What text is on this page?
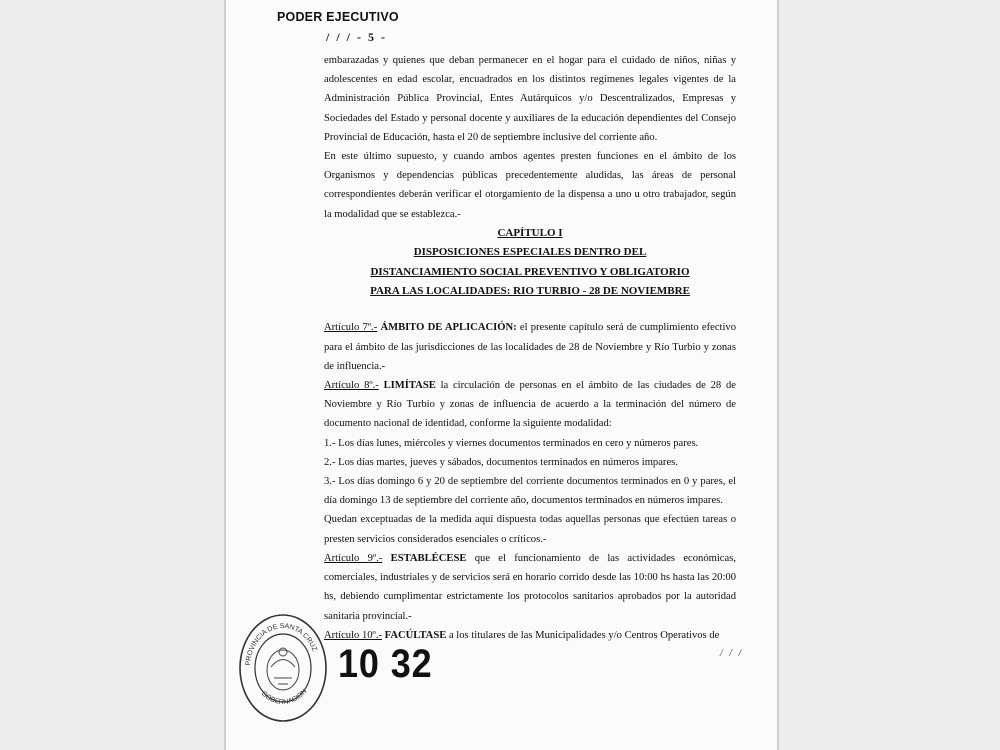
PODER EJECUTIVO
/ / / - 5 -

embarazadas y quienes que deban permanecer en el hogar para el cuidado de niños, niñas y adolescentes en edad escolar, encuadrados en los distintos regímenes legales vigentes de la Administración Pública Provincial, Entes Autárquicos y/o Descentralizados, Empresas y Sociedades del Estado y personal docente y auxiliares de la educación dependientes del Consejo Provincial de Educación, hasta el 20 de septiembre inclusive del corriente año.

En este último supuesto, y cuando ambos agentes presten funciones en el ámbito de los Organismos y dependencias públicas precedentemente aludidas, las áreas de personal correspondientes deberán verificar el otorgamiento de la dispensa a uno u otro trabajador, según la modalidad que se establezca.-

CAPÍTULO I
DISPOSICIONES ESPECIALES DENTRO DEL
DISTANCIAMIENTO SOCIAL PREVENTIVO Y OBLIGATORIO
PARA LAS LOCALIDADES: RIO TURBIO - 28 DE NOVIEMBRE

Artículo 7º.- ÁMBITO DE APLICACIÓN: el presente capítulo será de cumplimiento efectivo para el ámbito de las jurisdicciones de las localidades de 28 de Noviembre y Río Turbio y zonas de influencia.-

Artículo 8º.- LIMÍTASE la circulación de personas en el ámbito de las ciudades de 28 de Noviembre y Río Turbio y zonas de influencia de acuerdo a la terminación del número de documento nacional de identidad, conforme la siguiente modalidad:

1.- Los días lunes, miércoles y viernes documentos terminados en cero y números pares.

2.- Los días martes, jueves y sábados, documentos terminados en números impares.

3.- Los días domingo 6 y 20 de septiembre del corriente documentos terminados en 0 y pares, el día domingo 13 de septiembre del corriente año, documentos terminados en números impares.

Quedan exceptuadas de la medida aquí dispuesta todas aquellas personas que efectúen tareas o presten servicios considerados esenciales o críticos.-

Artículo 9º.- ESTABLÉCESE que el funcionamiento de las actividades económicas, comerciales, industriales y de servicios será en horario corrido desde las 10:00 hs hasta las 20:00 hs, debiendo cumplimentar estrictamente los protocolos sanitarios aprobados por la autoridad sanitaria provincial.-

Artículo 10º.- FACÚLTASE a los titulares de las Municipalidades y/o Centros Operativos de

PROVINCIA DE SANTA CRUZ
GOBERNACION
10 32	/ / /
